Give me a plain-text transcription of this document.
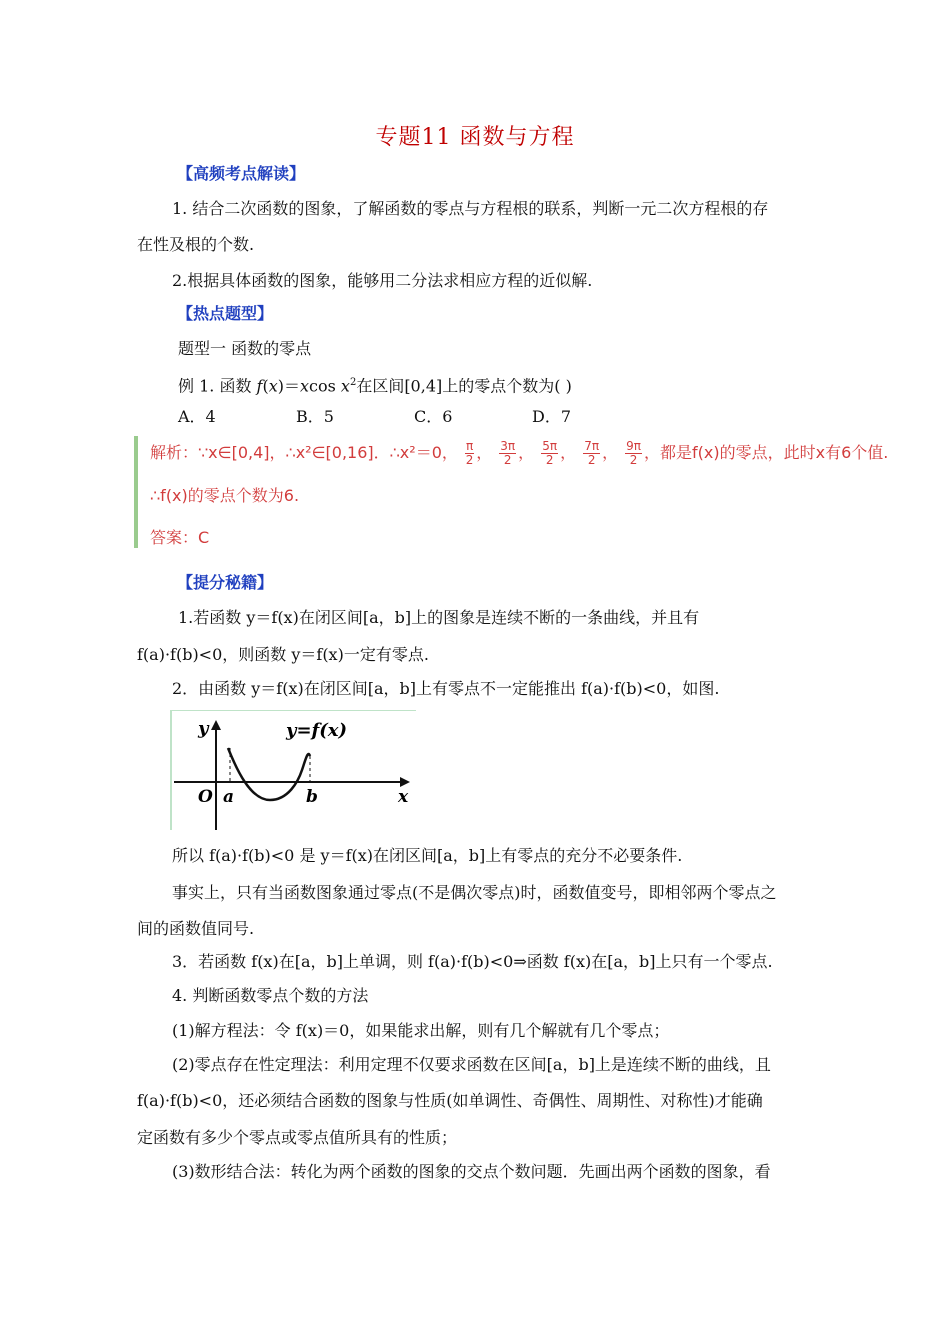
专题11 函数与方程
【高频考点解读】
1. 结合二次函数的图象，了解函数的零点与方程根的联系，判断一元二次方程根的存
在性及根的个数.
2.根据具体函数的图象，能够用二分法求相应方程的近似解.
【热点题型】
题型一 函数的零点
例 1. 函数 f(x)＝xcos $x^2$在区间[0,4]上的零点个数为( )
A．4	B．5	C．6	D．7
解析：∵x∈[0,4]，∴x²∈[0,16]．∴x²＝0， $\frac{\pi}{2}$ ， $\frac{3\pi}{2}$ ， $\frac{5\pi}{2}$ ， $\frac{7\pi}{2}$ ， $\frac{9\pi}{2}$ ，都是f(x)的零点，此时x有6个值.
∴f(x)的零点个数为6.
答案：C
【提分秘籍】
1.若函数 y＝f(x)在闭区间[a，b]上的图象是连续不断的一条曲线，并且有
f(a)·f(b)<0，则函数 y＝f(x)一定有零点.
2．由函数 y＝f(x)在闭区间[a，b]上有零点不一定能推出 f(a)·f(b)<0，如图.
y	y=f(x)
O a	b	x
所以 f(a)·f(b)<0 是 y＝f(x)在闭区间[a，b]上有零点的充分不必要条件.
事实上，只有当函数图象通过零点(不是偶次零点)时，函数值变号，即相邻两个零点之
间的函数值同号.
3．若函数 f(x)在[a，b]上单调，则 f(a)·f(b)<0⇒函数 f(x)在[a，b]上只有一个零点.
4. 判断函数零点个数的方法
(1)解方程法：令 f(x)＝0，如果能求出解，则有几个解就有几个零点；
(2)零点存在性定理法：利用定理不仅要求函数在区间[a，b]上是连续不断的曲线，且
f(a)·f(b)<0，还必须结合函数的图象与性质(如单调性、奇偶性、周期性、对称性)才能确
定函数有多少个零点或零点值所具有的性质；
(3)数形结合法：转化为两个函数的图象的交点个数问题．先画出两个函数的图象，看
